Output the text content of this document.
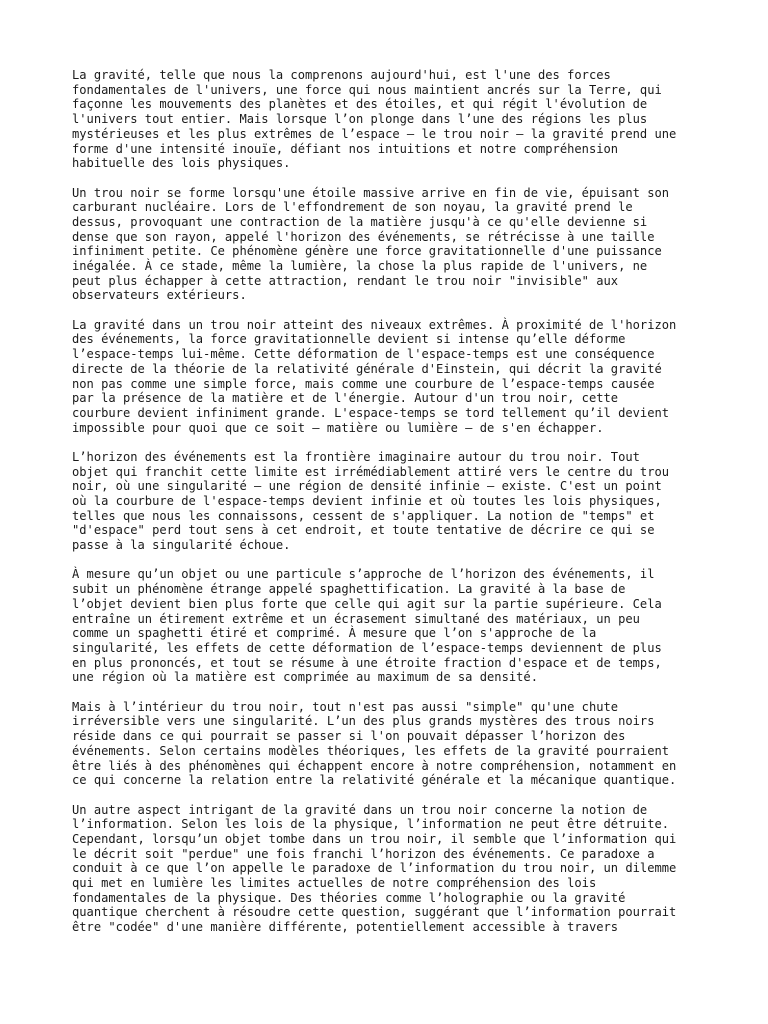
La gravité, telle que nous la comprenons aujourd'hui, est l'une des forces
fondamentales de l'univers, une force qui nous maintient ancrés sur la Terre, qui
façonne les mouvements des planètes et des étoiles, et qui régit l'évolution de
l'univers tout entier. Mais lorsque l’on plonge dans l’une des régions les plus
mystérieuses et les plus extrêmes de l’espace — le trou noir — la gravité prend une
forme d'une intensité inouïe, défiant nos intuitions et notre compréhension
habituelle des lois physiques.

Un trou noir se forme lorsqu'une étoile massive arrive en fin de vie, épuisant son
carburant nucléaire. Lors de l'effondrement de son noyau, la gravité prend le
dessus, provoquant une contraction de la matière jusqu'à ce qu'elle devienne si
dense que son rayon, appelé l'horizon des événements, se rétrécisse à une taille
infiniment petite. Ce phénomène génère une force gravitationnelle d'une puissance
inégalée. À ce stade, même la lumière, la chose la plus rapide de l'univers, ne
peut plus échapper à cette attraction, rendant le trou noir "invisible" aux
observateurs extérieurs.

La gravité dans un trou noir atteint des niveaux extrêmes. À proximité de l'horizon
des événements, la force gravitationnelle devient si intense qu’elle déforme
l’espace-temps lui-même. Cette déformation de l'espace-temps est une conséquence
directe de la théorie de la relativité générale d'Einstein, qui décrit la gravité
non pas comme une simple force, mais comme une courbure de l’espace-temps causée
par la présence de la matière et de l'énergie. Autour d'un trou noir, cette
courbure devient infiniment grande. L'espace-temps se tord tellement qu’il devient
impossible pour quoi que ce soit — matière ou lumière — de s'en échapper.

L’horizon des événements est la frontière imaginaire autour du trou noir. Tout
objet qui franchit cette limite est irrémédiablement attiré vers le centre du trou
noir, où une singularité — une région de densité infinie — existe. C'est un point
où la courbure de l'espace-temps devient infinie et où toutes les lois physiques,
telles que nous les connaissons, cessent de s'appliquer. La notion de "temps" et
"d'espace" perd tout sens à cet endroit, et toute tentative de décrire ce qui se
passe à la singularité échoue.

À mesure qu’un objet ou une particule s’approche de l’horizon des événements, il
subit un phénomène étrange appelé spaghettification. La gravité à la base de
l’objet devient bien plus forte que celle qui agit sur la partie supérieure. Cela
entraîne un étirement extrême et un écrasement simultané des matériaux, un peu
comme un spaghetti étiré et comprimé. À mesure que l’on s'approche de la
singularité, les effets de cette déformation de l’espace-temps deviennent de plus
en plus prononcés, et tout se résume à une étroite fraction d'espace et de temps,
une région où la matière est comprimée au maximum de sa densité.

Mais à l’intérieur du trou noir, tout n'est pas aussi "simple" qu'une chute
irréversible vers une singularité. L’un des plus grands mystères des trous noirs
réside dans ce qui pourrait se passer si l'on pouvait dépasser l’horizon des
événements. Selon certains modèles théoriques, les effets de la gravité pourraient
être liés à des phénomènes qui échappent encore à notre compréhension, notamment en
ce qui concerne la relation entre la relativité générale et la mécanique quantique.

Un autre aspect intrigant de la gravité dans un trou noir concerne la notion de
l’information. Selon les lois de la physique, l’information ne peut être détruite.
Cependant, lorsqu’un objet tombe dans un trou noir, il semble que l’information qui
le décrit soit "perdue" une fois franchi l’horizon des événements. Ce paradoxe a
conduit à ce que l’on appelle le paradoxe de l’information du trou noir, un dilemme
qui met en lumière les limites actuelles de notre compréhension des lois
fondamentales de la physique. Des théories comme l’holographie ou la gravité
quantique cherchent à résoudre cette question, suggérant que l’information pourrait
être "codée" d'une manière différente, potentiellement accessible à travers
